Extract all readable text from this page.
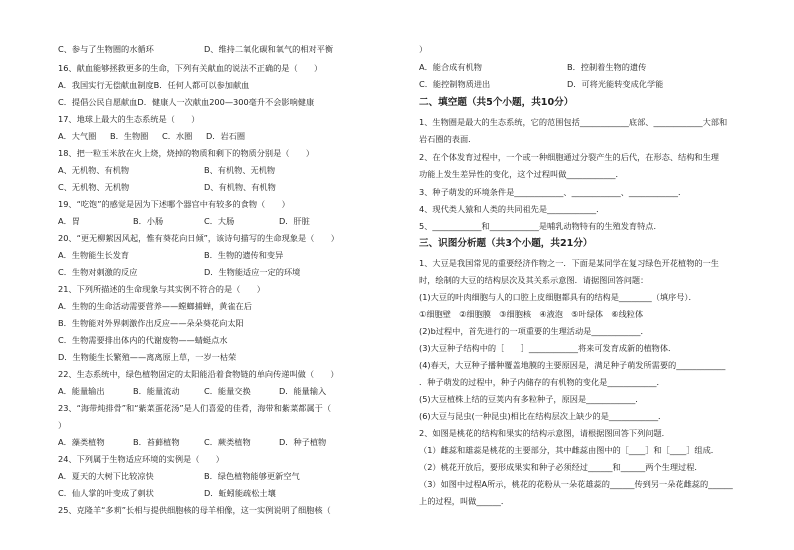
C、参与了生物圈的水循环	D、维持二氧化碳和氧气的相对平衡
16、献血能够拯救更多的生命，下列有关献血的说法不正确的是（　　）
A．我国实行无偿献血制度B．任何人都可以参加献血
C．提倡公民自愿献血D．健康人一次献血200—300毫升不会影响健康
17、地球上最大的生态系统是（　　）
A．大气圈 B．生物圈 C．水圈 D．岩石圈
18、把一粒玉米放在火上烧，烧掉的物质和剩下的物质分别是（　　）
A、无机物、有机物	B、有机物、无机物
C、无机物、无机物	D、有机物、有机物
19、“吃饱”的感觉是因为下述哪个器官中有较多的食物（　　）
A．胃	B．小肠	C．大肠	D．肝脏
20、“更无柳絮因风起，惟有葵花向日倾”，该诗句描写的生命现象是（　　）
A．生物能生长发育	B．生物的遗传和变异
C．生物对刺激的反应	D．生物能适应一定的环境
21、下列所描述的生命现象与其实例不符合的是（　　）
A．生物的生命活动需要营养——螳螂捕蝉，黄雀在后
B．生物能对外界刺激作出反应——朵朵葵花向太阳
C．生物需要排出体内的代谢废物——蜻蜓点水
D．生物能生长繁殖——离离原上草，一岁一枯荣
22、生态系统中，绿色植物固定的太阳能沿着食物链的单向传递叫做（　　）
A．能量输出	B．能量流动	C．能量交换	D．能量输入
23、“海带炖排骨”和“紫菜蛋花汤”是人们喜爱的佳肴，海带和紫菜都属于（
）
A．藻类植物	B．苔藓植物	C．蕨类植物	D．种子植物
24、下列属于生物适应环境的实例是（　　）
A．夏天的大树下比较凉快	B．绿色植物能够更新空气
C．仙人掌的叶变成了刺状	D．蚯蚓能疏松土壤
25、克隆羊“多莉”长相与提供细胞核的母羊相像，这一实例说明了细胞核（
）
A．能合成有机物	B．控制着生物的遗传
C．能控制物质进出	D．可将光能转变成化学能
二、填空题（共5个小题，共10分）
1、生物圈是最大的生态系统，它的范围包括____________底部、____________大部和
岩石圈的表面．
2、在个体发育过程中，一个或一种细胞通过分裂产生的后代，在形态、结构和生理
功能上发生差异性的变化，这个过程叫做____________．
3、种子萌发的环境条件是____________、____________、____________．
4、现代类人猿和人类的共同祖先是____________．
5、____________和____________是哺乳动物特有的生殖发育特点．
三、识图分析题（共3个小题，共21分）
1、大豆是我国常见的重要经济作物之一．下面是某同学在复习绿色开花植物的一生
时，绘制的大豆的结构层次及其关系示意图．请据图回答问题：
(1)大豆的叶肉细胞与人的口腔上皮细胞都具有的结构是________（填序号）．
①细胞壁　②细胞膜　③细胞核　④液泡　⑤叶绿体　⑥线粒体
(2)b过程中，首先进行的一项重要的生理活动是____________．
(3)大豆种子结构中的［　　］____________将来可发育成新的植物体．
(4)春天，大豆种子播种覆盖地膜的主要原因是，满足种子萌发所需要的____________
．种子萌发的过程中，种子内储存的有机物的变化是____________．
(5)大豆植株上结的豆荚内有多粒种子，原因是____________．
(6)大豆与昆虫(一种昆虫)相比在结构层次上缺少的是____________．
2、如图是桃花的结构和果实的结构示意图，请根据图回答下列问题．
（1）雌蕊和雄蕊是桃花的主要部分，其中雌蕊由图中的［____］和［____］组成．
（2）桃花开放后，要形成果实和种子必须经过______和______两个生理过程．
（3）如图中过程A所示，桃花的花粉从一朵花雄蕊的______传到另一朵花雌蕊的______
上的过程，叫做______．
